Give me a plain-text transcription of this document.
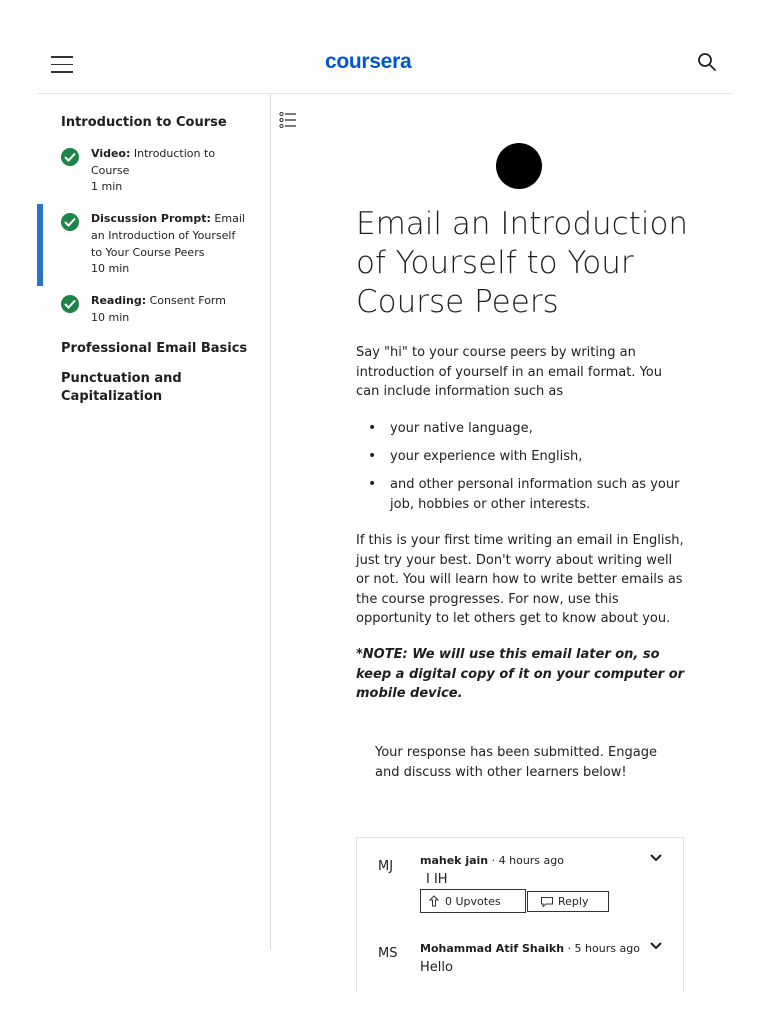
coursera
Introduction to Course
Video: Introduction to Course
1 min
Discussion Prompt: Email an Introduction of Yourself to Your Course Peers
10 min
Reading: Consent Form
10 min
Professional Email Basics
Punctuation and Capitalization
Email an Introduction of Yourself to Your Course Peers

Say "hi" to your course peers by writing an introduction of yourself in an email format. You can include information such as

• your native language,
• your experience with English,
• and other personal information such as your job, hobbies or other interests.

If this is your first time writing an email in English, just try your best. Don't worry about writing well or not. You will learn how to write better emails as the course progresses. For now, use this opportunity to let others get to know about you.

*NOTE: We will use this email later on, so keep a digital copy of it on your computer or mobile device.

Your response has been submitted. Engage and discuss with other learners below!

MJ mahek jain · 4 hours ago
I IH
0 Upvotes	Reply
MS Mohammad Atif Shaikh · 5 hours ago
Hello
